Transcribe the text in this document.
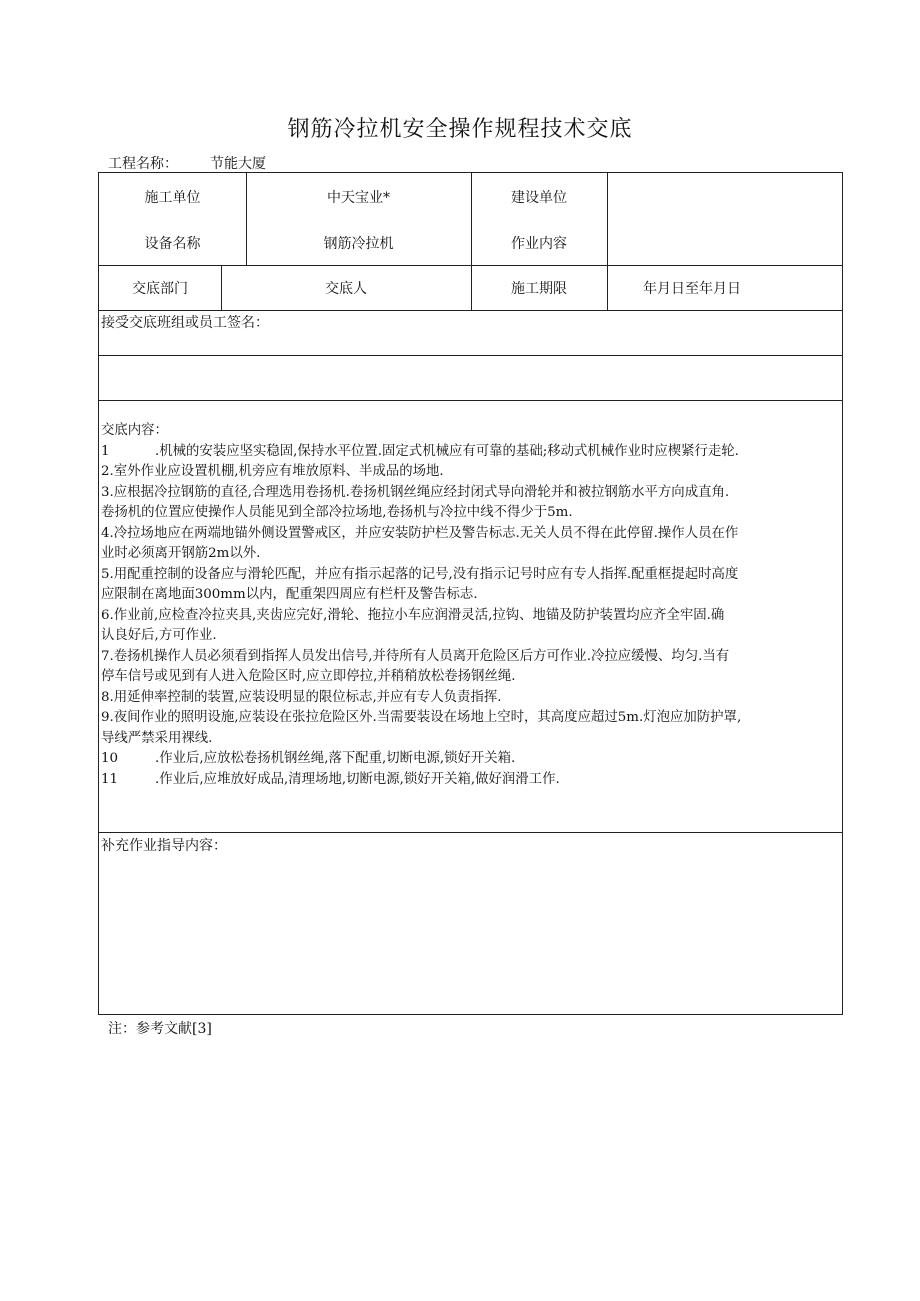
钢筋冷拉机安全操作规程技术交底
工程名称： 节能大厦
施工单位	中天宝业*	建设单位
设备名称	钢筋冷拉机	作业内容
交底部门	交底人	施工期限	年月日至年月日
接受交底班组或员工签名：
交底内容：
1	.机械的安装应坚实稳固,保持水平位置.固定式机械应有可靠的基础;移动式机械作业时应楔紧行走轮.
2.室外作业应设置机棚,机旁应有堆放原料、半成品的场地.
3.应根据冷拉钢筋的直径,合理选用卷扬机.卷扬机钢丝绳应经封闭式导向滑轮并和被拉钢筋水平方向成直角.
卷扬机的位置应使操作人员能见到全部冷拉场地,卷扬机与冷拉中线不得少于5m.
4.冷拉场地应在两端地锚外侧设置警戒区，并应安装防护栏及警告标志.无关人员不得在此停留.操作人员在作
业时必须离开钢筋2m以外.
5.用配重控制的设备应与滑轮匹配，并应有指示起落的记号,没有指示记号时应有专人指挥.配重框提起时高度
应限制在离地面300mm以内，配重架四周应有栏杆及警告标志.
6.作业前,应检查冷拉夹具,夹齿应完好,滑轮、拖拉小车应润滑灵活,拉钩、地锚及防护装置均应齐全牢固.确
认良好后,方可作业.
7.卷扬机操作人员必须看到指挥人员发出信号,并待所有人员离开危险区后方可作业.冷拉应缓慢、均匀.当有
停车信号或见到有人进入危险区时,应立即停拉,并稍稍放松卷扬钢丝绳.
8.用延伸率控制的装置,应装设明显的限位标志,并应有专人负责指挥.
9.夜间作业的照明设施,应装设在张拉危险区外.当需要装设在场地上空时，其高度应超过5m.灯泡应加防护罩,
导线严禁采用裸线.
10	.作业后,应放松卷扬机钢丝绳,落下配重,切断电源,锁好开关箱.
11	.作业后,应堆放好成品,清理场地,切断电源,锁好开关箱,做好润滑工作.
补充作业指导内容：
注：参考文献[3]
